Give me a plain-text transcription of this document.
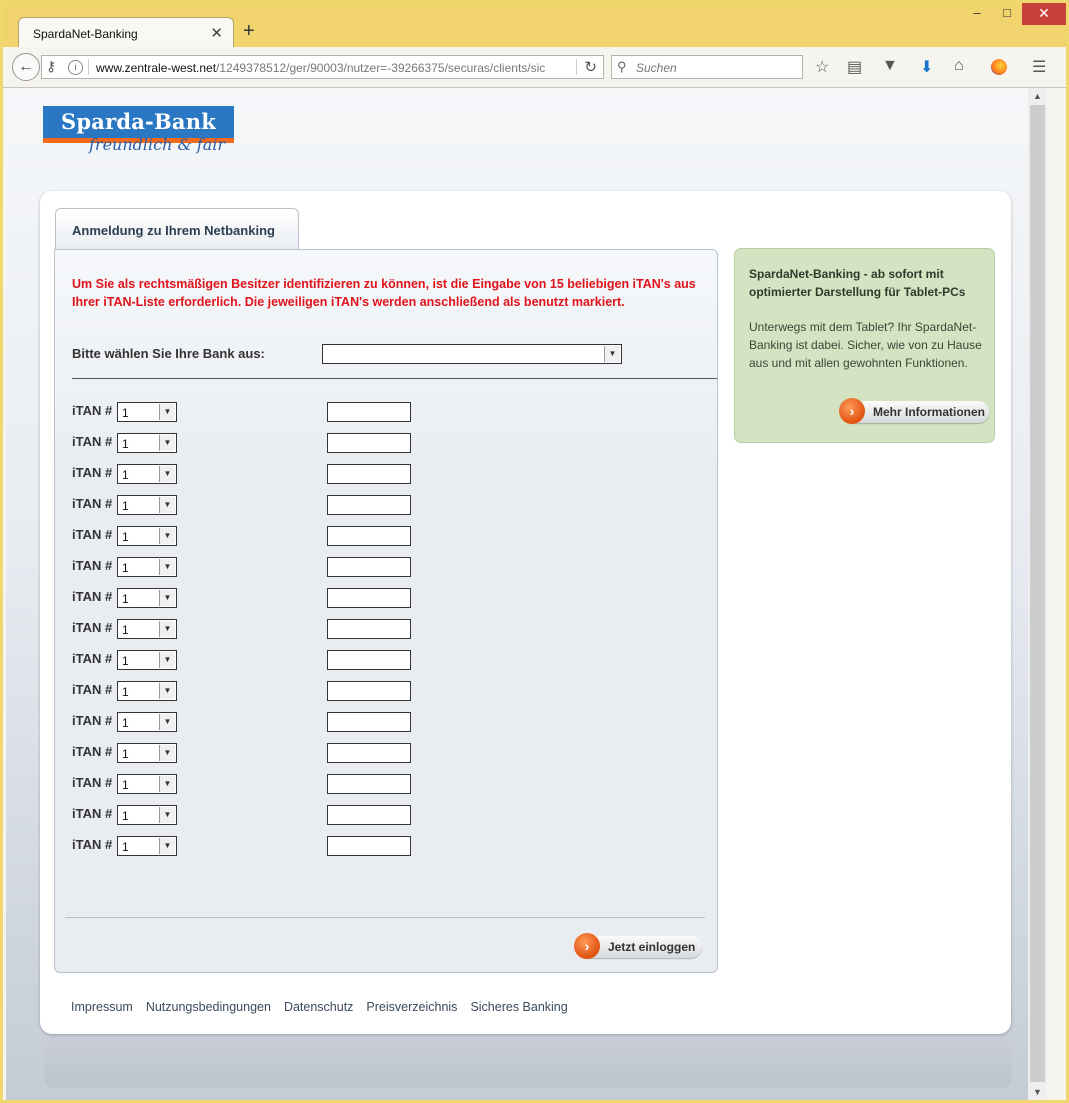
–	□	✕
SpardaNet-Banking	✕ +
← ⚷	i	www.zentrale-west.net/1249378512/ger/90003/nutzer=-39266375/securas/clients/sic	↻ ⚲ Suchen	☆ ▤ ▼ ⬇ ⌂	☰
Sparda-Bank
freundlich & fair
Anmeldung zu Ihrem Netbanking
Um Sie als rechtsmäßigen Besitzer identifizieren zu können, ist die Eingabe von 15 beliebigen iTAN's aus Ihrer iTAN-Liste erforderlich. Die jeweiligen iTAN's werden anschließend als benutzt markiert.
Bitte wählen Sie Ihre Bank aus:	▼
›	Jetzt einloggen
iTAN # 1	▼
iTAN # 1	▼
iTAN # 1	▼
iTAN # 1	▼
iTAN # 1	▼
iTAN # 1	▼
iTAN # 1	▼
iTAN # 1	▼
iTAN # 1	▼
iTAN # 1	▼
iTAN # 1	▼
iTAN # 1	▼
iTAN # 1	▼
iTAN # 1	▼
iTAN # 1	▼
SpardaNet-Banking - ab sofort mit optimierter Darstellung für Tablet-PCs
Unterwegs mit dem Tablet? Ihr SpardaNet-Banking ist dabei. Sicher, wie von zu Hause aus und mit allen gewohnten Funktionen.
›	Mehr Informationen
Impressum Nutzungsbedingungen Datenschutz Preisverzeichnis Sicheres Banking
▲
▼
